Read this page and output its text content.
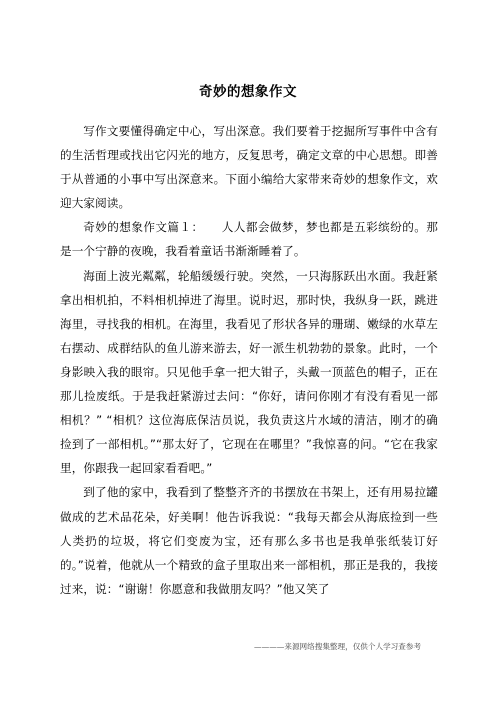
奇妙的想象作文

写作文要懂得确定中心，写出深意。我们要着于挖掘所写事件中含有的生活哲理或找出它闪光的地方，反复思考，确定文章的中心思想。即善于从普通的小事中写出深意来。下面小编给大家带来奇妙的想象作文，欢迎大家阅读。

奇妙的想象作文篇１：　　人人都会做梦，梦也都是五彩缤纷的。那是一个宁静的夜晚，我看着童话书渐渐睡着了。

海面上波光粼粼，轮船缓缓行驶。突然，一只海豚跃出水面。我赶紧拿出相机拍，不料相机掉进了海里。说时迟，那时快，我纵身一跃，跳进海里，寻找我的相机。在海里，我看见了形状各异的珊瑚、嫩绿的水草左右摆动、成群结队的鱼儿游来游去，好一派生机勃勃的景象。此时，一个身影映入我的眼帘。只见他手拿一把大钳子，头戴一顶蓝色的帽子，正在那儿捡废纸。于是我赶紧游过去问：“你好，请问你刚才有没有看见一部相机？” “相机？这位海底保洁员说，我负责这片水域的清洁，刚才的确捡到了一部相机。”“那太好了，它现在在哪里？”我惊喜的问。“它在我家里，你跟我一起回家看看吧。”

到了他的家中，我看到了整整齐齐的书摆放在书架上，还有用易拉罐做成的艺术品花朵，好美啊！他告诉我说：“我每天都会从海底捡到一些人类扔的垃圾，将它们变废为宝，还有那么多书也是我单张纸装订好的。”说着，他就从一个精致的盒子里取出来一部相机，那正是我的，我接过来，说：“谢谢！你愿意和我做朋友吗？”他又笑了

————来源网络搜集整理，仅供个人学习查参考
